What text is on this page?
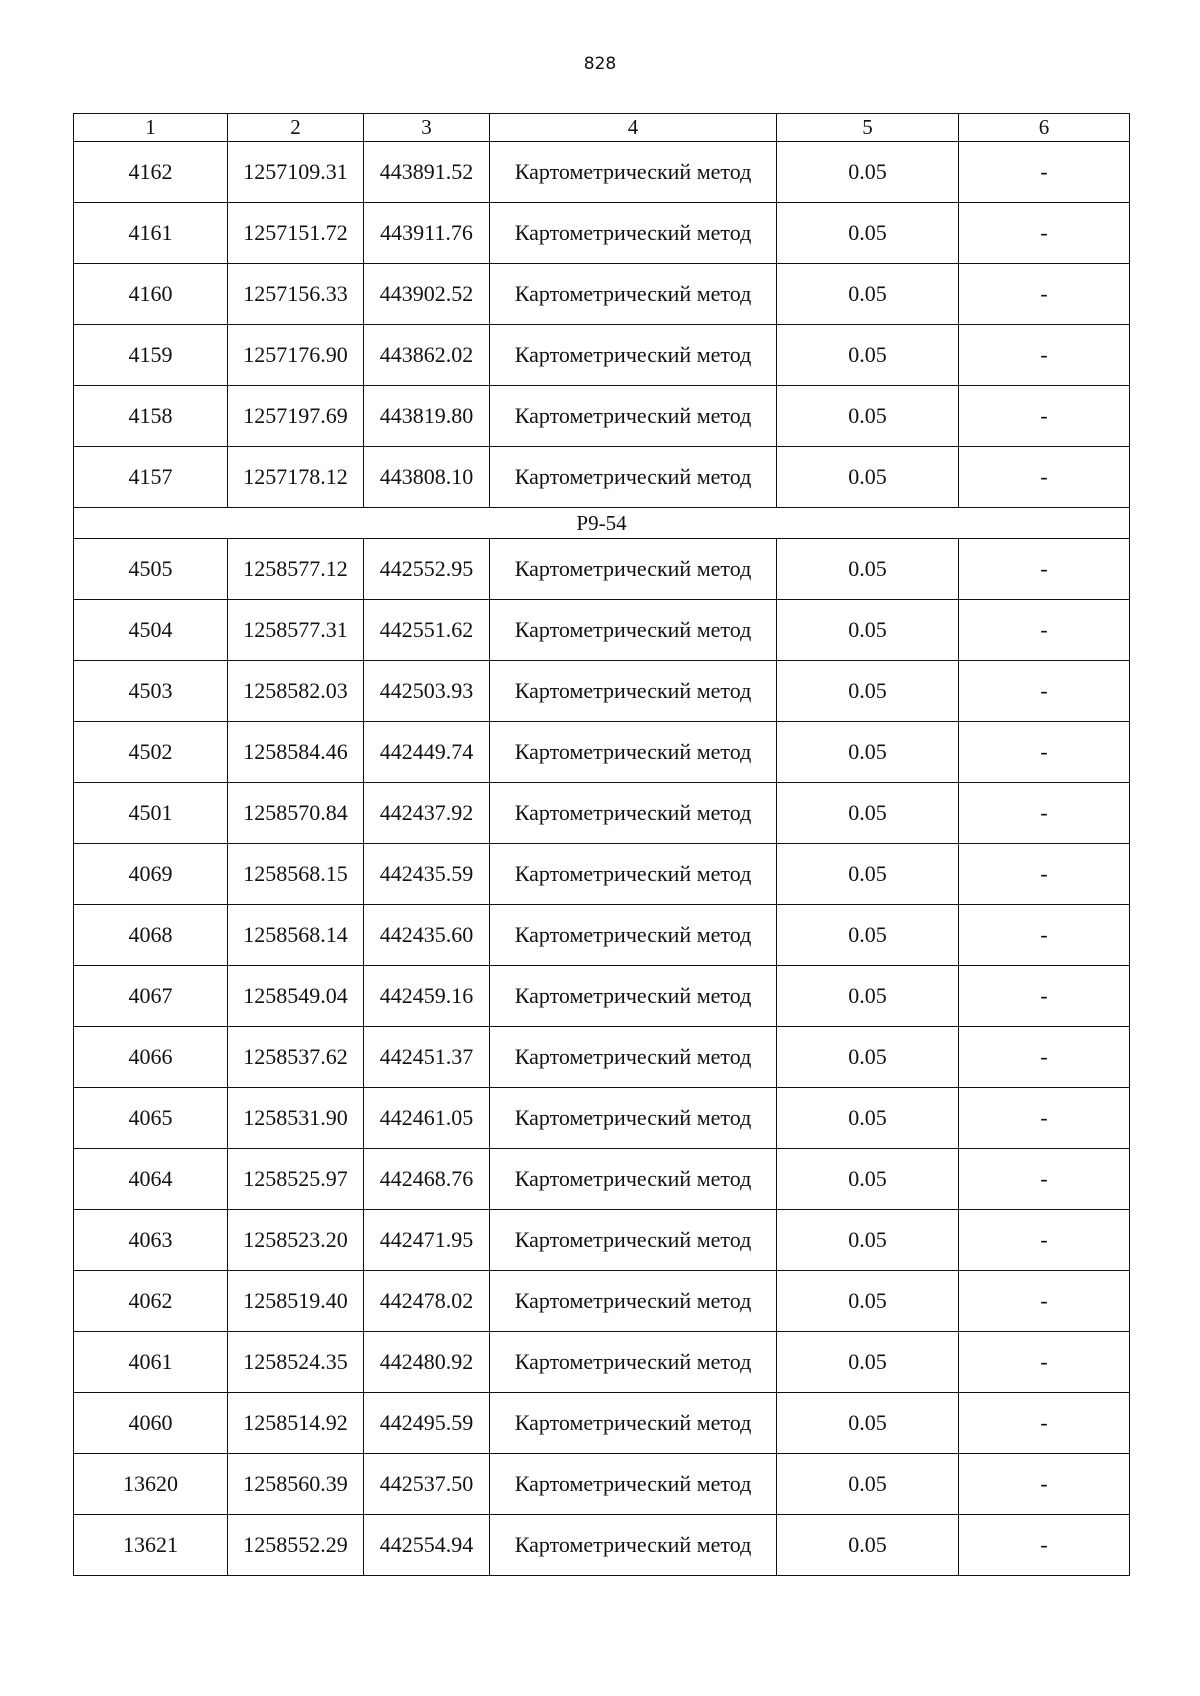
828
1	2	3	4	5	6
4162	1257109.31	443891.52	Картометрический метод	0.05	-
4161	1257151.72	443911.76	Картометрический метод	0.05	-
4160	1257156.33	443902.52	Картометрический метод	0.05	-
4159	1257176.90	443862.02	Картометрический метод	0.05	-
4158	1257197.69	443819.80	Картометрический метод	0.05	-
4157	1257178.12	443808.10	Картометрический метод	0.05	-
P9-54					
4505	1258577.12	442552.95	Картометрический метод	0.05	-
4504	1258577.31	442551.62	Картометрический метод	0.05	-
4503	1258582.03	442503.93	Картометрический метод	0.05	-
4502	1258584.46	442449.74	Картометрический метод	0.05	-
4501	1258570.84	442437.92	Картометрический метод	0.05	-
4069	1258568.15	442435.59	Картометрический метод	0.05	-
4068	1258568.14	442435.60	Картометрический метод	0.05	-
4067	1258549.04	442459.16	Картометрический метод	0.05	-
4066	1258537.62	442451.37	Картометрический метод	0.05	-
4065	1258531.90	442461.05	Картометрический метод	0.05	-
4064	1258525.97	442468.76	Картометрический метод	0.05	-
4063	1258523.20	442471.95	Картометрический метод	0.05	-
4062	1258519.40	442478.02	Картометрический метод	0.05	-
4061	1258524.35	442480.92	Картометрический метод	0.05	-
4060	1258514.92	442495.59	Картометрический метод	0.05	-
13620	1258560.39	442537.50	Картометрический метод	0.05	-
13621	1258552.29	442554.94	Картометрический метод	0.05	-
